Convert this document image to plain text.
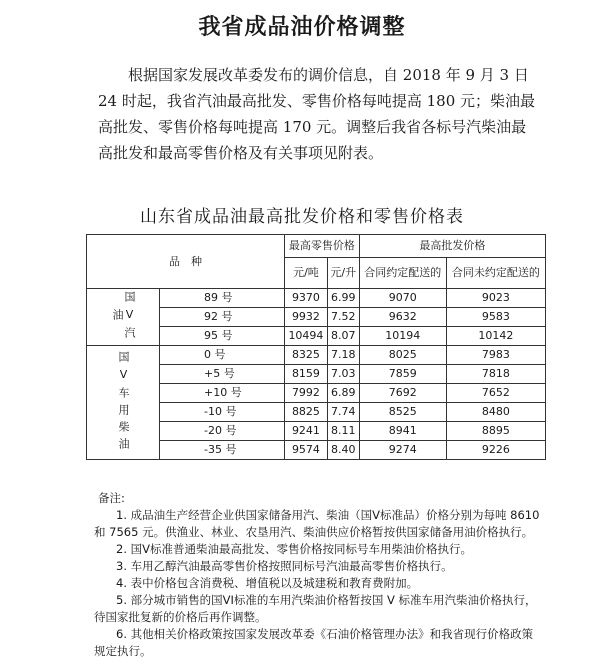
我省成品油价格调整

根据国家发展改革委发布的调价信息，自 2018 年 9 月 3 日 24 时起，我省汽油最高批发、零售价格每吨提高 180 元；柴油最高批发、零售价格每吨提高 170 元。调整后我省各标号汽柴油最高批发和最高零售价格及有关事项见附表。

山东省成品油最高批发价格和零售价格表
品　种		最高零售价格		最高批发价格	
		元/吨	元/升	合同约定配送的	合同未约定配送的
国V汽油	89 号	9370	6.99	9070	9023
	92 号	9932	7.52	9632	9583
	95 号	10494	8.07	10194	10142
国V车用柴油	0 号	8325	7.18	8025	7983
	+5 号	8159	7.03	7859	7818
	+10 号	7992	6.89	7692	7652
	-10 号	8825	7.74	8525	8480
	-20 号	9241	8.11	8941	8895
	-35 号	9574	8.40	9274	9226
备注:

1. 成品油生产经营企业供国家储备用汽、柴油（国V标准品）价格分别为每吨 8610 和 7565 元。供渔业、林业、农垦用汽、柴油供应价格暂按供国家储备用油价格执行。

2. 国V标准普通柴油最高批发、零售价格按同标号车用柴油价格执行。

3. 车用乙醇汽油最高零售价格按照同标号汽油最高零售价格执行。

4. 表中价格包含消费税、增值税以及城建税和教育费附加。

5. 部分城市销售的国VI标准的车用汽柴油价格暂按国 V 标准车用汽柴油价格执行，待国家批复新的价格后再作调整。

6. 其他相关价格政策按国家发展改革委《石油价格管理办法》和我省现行价格政策规定执行。
